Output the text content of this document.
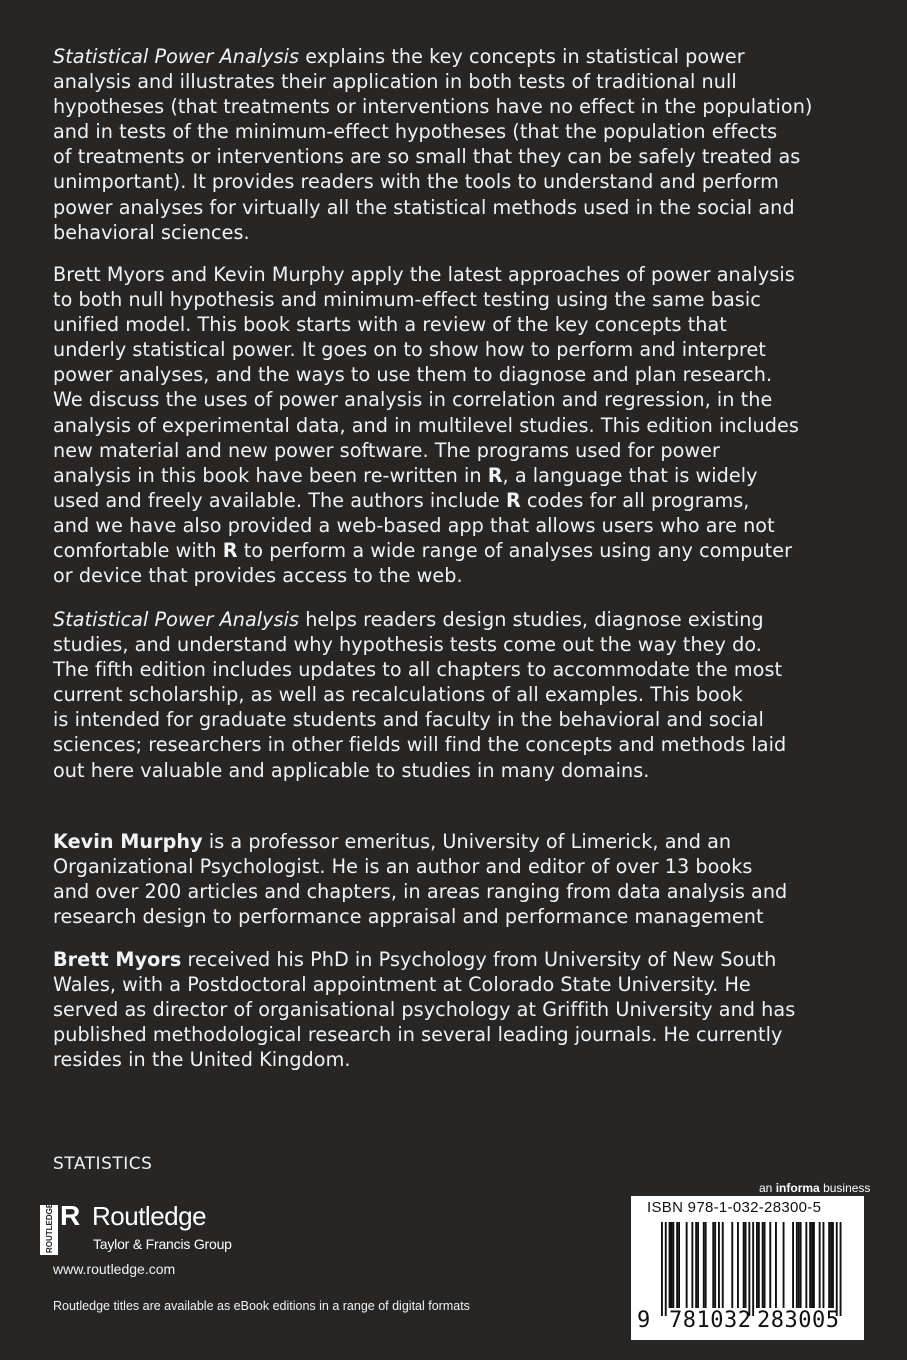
Statistical Power Analysis explains the key concepts in statistical power
analysis and illustrates their application in both tests of traditional null
hypotheses (that treatments or interventions have no effect in the population)
and in tests of the minimum-effect hypotheses (that the population effects
of treatments or interventions are so small that they can be safely treated as
unimportant). It provides readers with the tools to understand and perform
power analyses for virtually all the statistical methods used in the social and
behavioral sciences.
Brett Myors and Kevin Murphy apply the latest approaches of power analysis
to both null hypothesis and minimum-effect testing using the same basic
unified model. This book starts with a review of the key concepts that
underly statistical power. It goes on to show how to perform and interpret
power analyses, and the ways to use them to diagnose and plan research.
We discuss the uses of power analysis in correlation and regression, in the
analysis of experimental data, and in multilevel studies. This edition includes
new material and new power software. The programs used for power
analysis in this book have been re-written in R, a language that is widely
used and freely available. The authors include R codes for all programs,
and we have also provided a web-based app that allows users who are not
comfortable with R to perform a wide range of analyses using any computer
or device that provides access to the web.
Statistical Power Analysis helps readers design studies, diagnose existing
studies, and understand why hypothesis tests come out the way they do.
The fifth edition includes updates to all chapters to accommodate the most
current scholarship, as well as recalculations of all examples. This book
is intended for graduate students and faculty in the behavioral and social
sciences; researchers in other fields will find the concepts and methods laid
out here valuable and applicable to studies in many domains.
Kevin Murphy is a professor emeritus, University of Limerick, and an
Organizational Psychologist. He is an author and editor of over 13 books
and over 200 articles and chapters, in areas ranging from data analysis and
research design to performance appraisal and performance management
Brett Myors received his PhD in Psychology from University of New South
Wales, with a Postdoctoral appointment at Colorado State University. He
served as director of organisational psychology at Griffith University and has
published methodological research in several leading journals. He currently
resides in the United Kingdom.
STATISTICS
ROUTLEDGE R Routledge
Taylor & Francis Group
www.routledge.com
Routledge titles are available as eBook editions in a range of digital formats
an informa business
ISBN 978-1-032-28300-5
9 781032 283005
